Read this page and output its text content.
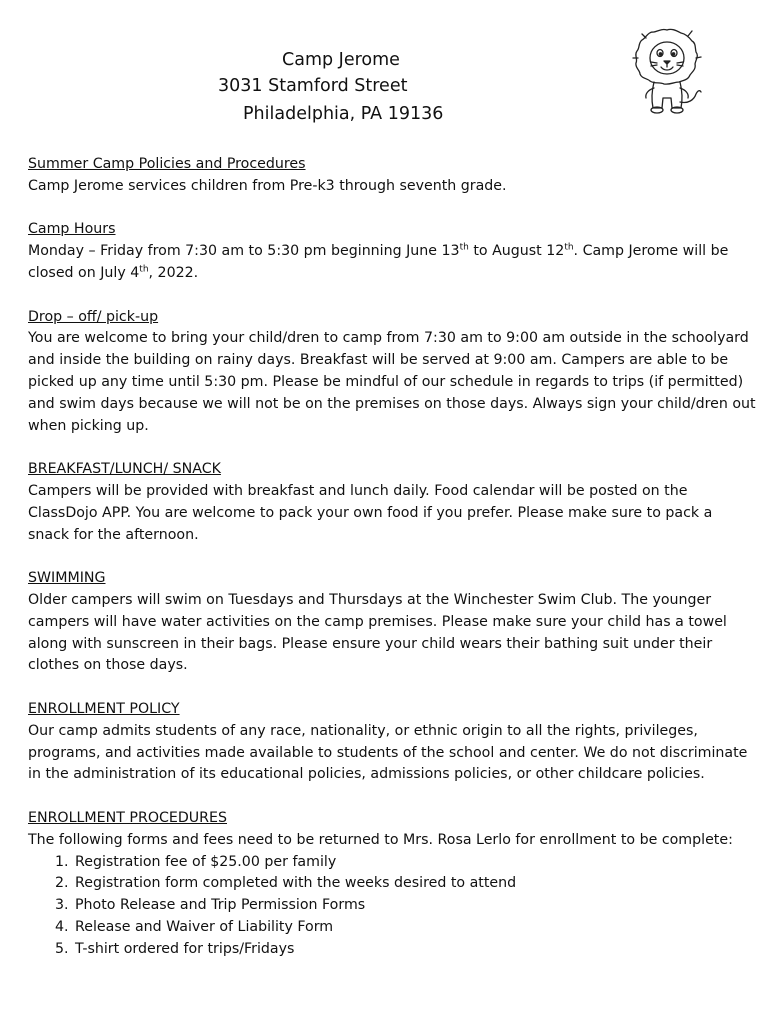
Camp Jerome
3031 Stamford Street
Philadelphia, PA 19136

Summer Camp Policies and Procedures

Camp Jerome services children from Pre-k3 through seventh grade.

Camp Hours

Monday – Friday from 7:30 am to 5:30 pm beginning June 13th to August 12th. Camp Jerome will be closed on July 4th, 2022.

Drop – off/ pick-up

You are welcome to bring your child/dren to camp from 7:30 am to 9:00 am outside in the schoolyard and inside the building on rainy days. Breakfast will be served at 9:00 am. Campers are able to be picked up any time until 5:30 pm. Please be mindful of our schedule in regards to trips (if permitted) and swim days because we will not be on the premises on those days. Always sign your child/dren out when picking up.

BREAKFAST/LUNCH/ SNACK

Campers will be provided with breakfast and lunch daily. Food calendar will be posted on the ClassDojo APP. You are welcome to pack your own food if you prefer. Please make sure to pack a snack for the afternoon.

SWIMMING

Older campers will swim on Tuesdays and Thursdays at the Winchester Swim Club. The younger campers will have water activities on the camp premises. Please make sure your child has a towel along with sunscreen in their bags. Please ensure your child wears their bathing suit under their clothes on those days.

ENROLLMENT POLICY

Our camp admits students of any race, nationality, or ethnic origin to all the rights, privileges, programs, and activities made available to students of the school and center. We do not discriminate in the administration of its educational policies, admissions policies, or other childcare policies.

ENROLLMENT PROCEDURES

The following forms and fees need to be returned to Mrs. Rosa Lerlo for enrollment to be complete:

1. Registration fee of $25.00 per family
2. Registration form completed with the weeks desired to attend
3. Photo Release and Trip Permission Forms
4. Release and Waiver of Liability Form
5. T-shirt ordered for trips/Fridays
